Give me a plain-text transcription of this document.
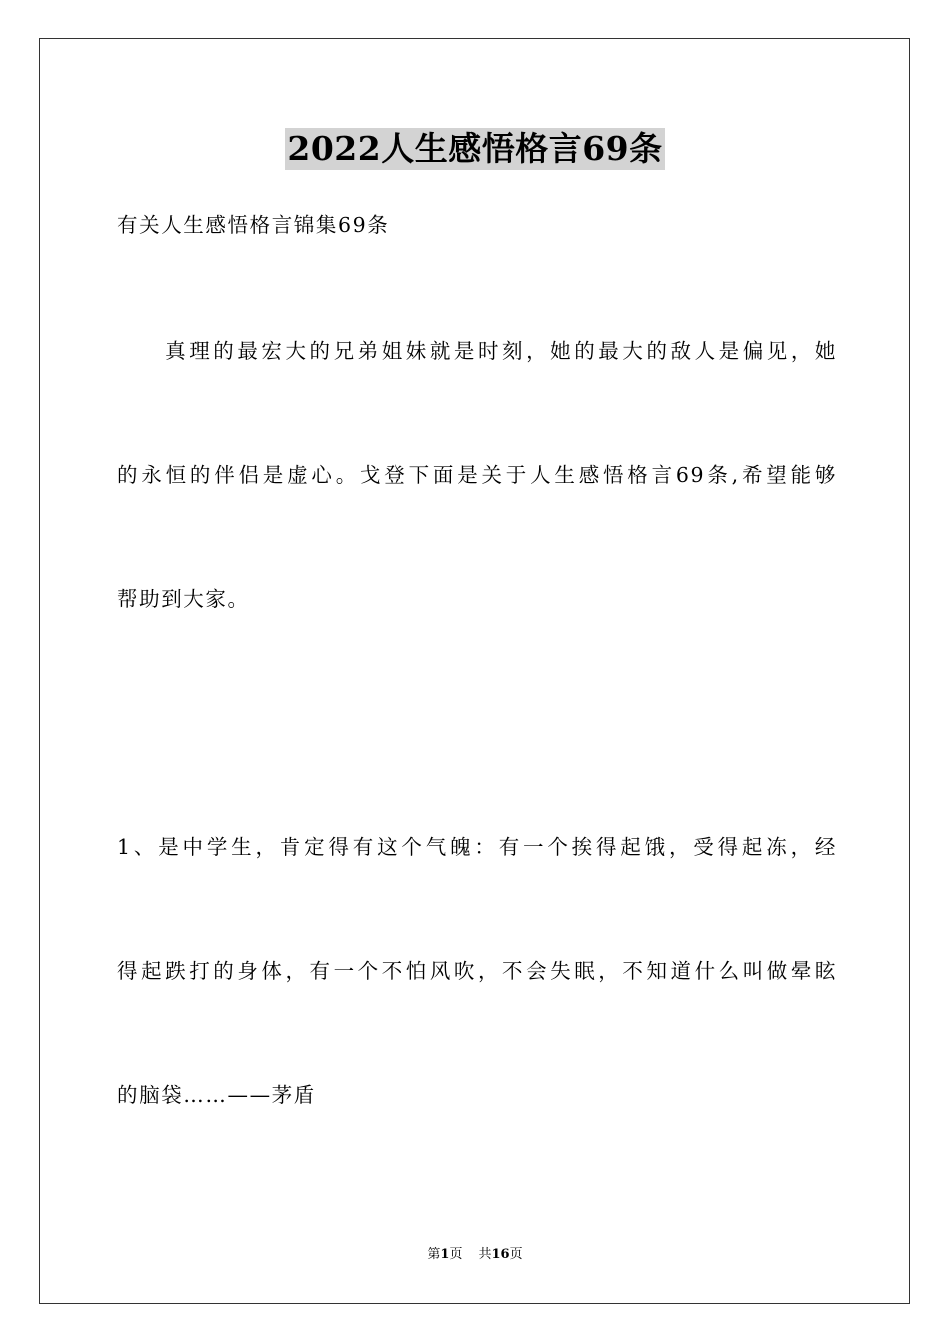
2022人生感悟格言69条
有关人生感悟格言锦集69条
　　真理的最宏大的兄弟姐妹就是时刻，她的最大的敌人是偏见，她
的永恒的伴侣是虚心。戈登下面是关于人生感悟格言69条,希望能够
帮助到大家。
1、是中学生，肯定得有这个气魄：有一个挨得起饿，受得起冻，经
得起跌打的身体，有一个不怕风吹，不会失眠，不知道什么叫做晕眩
的脑袋……——茅盾
第1页 共16页
